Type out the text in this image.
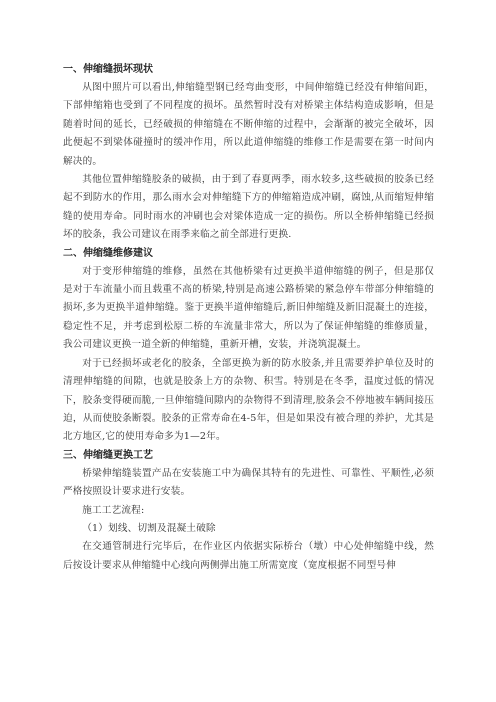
一、伸缩缝损坏现状

从图中照片可以看出,伸缩缝型钢已经弯曲变形，中间伸缩缝已经没有伸缩间距，下部伸缩箱也受到了不同程度的损坏。虽然暂时没有对桥梁主体结构造成影响，但是随着时间的延长，已经破损的伸缩缝在不断伸缩的过程中，会渐渐的被完全破坏，因此便起不到梁体碰撞时的缓冲作用，所以此道伸缩缝的维修工作是需要在第一时间内解决的。

其他位置伸缩缝胶条的破损，由于到了春夏两季，雨水较多,这些破损的胶条已经起不到防水的作用，那么雨水会对伸缩缝下方的伸缩箱造成冲刷，腐蚀,从而缩短伸缩缝的使用寿命。同时雨水的冲刷也会对梁体造成一定的损伤。所以全桥伸缩缝已经损坏的胶条，我公司建议在雨季来临之前全部进行更换.

二、伸缩缝维修建议

对于变形伸缩缝的维修，虽然在其他桥梁有过更换半道伸缩缝的例子，但是那仅是对于车流量小而且载重不高的桥梁,特别是高速公路桥梁的紧急停车带部分伸缩缝的损坏,多为更换半道伸缩缝。鉴于更换半道伸缩缝后,新旧伸缩缝及新旧混凝土的连接，稳定性不足，并考虑到松原二桥的车流量非常大，所以为了保证伸缩缝的维修质量，我公司建议更换一道全新的伸缩缝，重新开槽，安装，并浇筑混凝土。

对于已经损坏或老化的胶条，全部更换为新的防水胶条,并且需要养护单位及时的清理伸缩缝的间隙，也就是胶条上方的杂物、积雪。特别是在冬季，温度过低的情况下，胶条变得硬而脆,一旦伸缩缝间隙内的杂物得不到清理,胶条会不停地被车辆间接压迫，从而使胶条断裂。胶条的正常寿命在4-5年，但是如果没有被合理的养护，尤其是北方地区,它的使用寿命多为1—2年。

三、伸缩缝更换工艺

桥梁伸缩缝装置产品在安装施工中为确保其特有的先进性、可靠性、平顺性,必须严格按照设计要求进行安装。

施工工艺流程:

（1）划线、切割及混凝土破除

在交通管制进行完毕后，在作业区内依据实际桥台（墩）中心处伸缩缝中线，然后按设计要求从伸缩缝中心线向两侧弹出施工所需宽度（宽度根据不同型号伸
